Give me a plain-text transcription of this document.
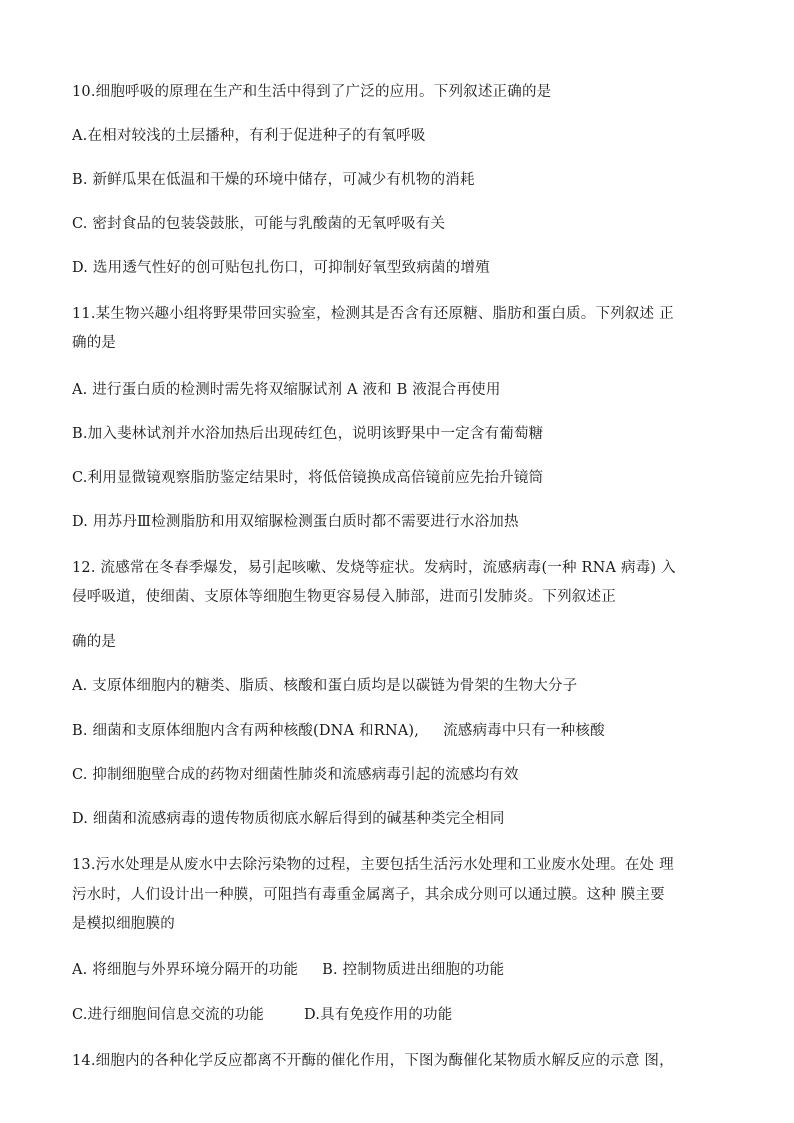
10.细胞呼吸的原理在生产和生活中得到了广泛的应用。下列叙述正确的是
A.在相对较浅的土层播种，有利于促进种子的有氧呼吸
B. 新鲜瓜果在低温和干燥的环境中储存，可减少有机物的消耗
C. 密封食品的包装袋鼓胀，可能与乳酸菌的无氧呼吸有关
D. 选用透气性好的创可贴包扎伤口，可抑制好氧型致病菌的增殖
11.某生物兴趣小组将野果带回实验室，检测其是否含有还原糖、脂肪和蛋白质。下列叙述 正
确的是
A. 进行蛋白质的检测时需先将双缩脲试剂 A 液和 B 液混合再使用
B.加入斐林试剂并水浴加热后出现砖红色，说明该野果中一定含有葡萄糖
C.利用显微镜观察脂肪鉴定结果时，将低倍镜换成高倍镜前应先抬升镜筒
D. 用苏丹Ⅲ检测脂肪和用双缩脲检测蛋白质时都不需要进行水浴加热
12. 流感常在冬春季爆发，易引起咳嗽、发烧等症状。发病时，流感病毒(一种 RNA 病毒) 入
侵呼吸道，使细菌、支原体等细胞生物更容易侵入肺部，进而引发肺炎。下列叙述正
确的是
A. 支原体细胞内的糖类、脂质、核酸和蛋白质均是以碳链为骨架的生物大分子
B. 细菌和支原体细胞内含有两种核酸(DNA 和RNA), 流感病毒中只有一种核酸
C. 抑制细胞壁合成的药物对细菌性肺炎和流感病毒引起的流感均有效
D. 细菌和流感病毒的遗传物质彻底水解后得到的碱基种类完全相同
13.污水处理是从废水中去除污染物的过程，主要包括生活污水处理和工业废水处理。在处 理
污水时，人们设计出一种膜，可阻挡有毒重金属离子，其余成分则可以通过膜。这种 膜主要
是模拟细胞膜的
A. 将细胞与外界环境分隔开的功能 B. 控制物质进出细胞的功能
C.进行细胞间信息交流的功能	D.具有免疫作用的功能
14.细胞内的各种化学反应都离不开酶的催化作用，下图为酶催化某物质水解反应的示意 图，
